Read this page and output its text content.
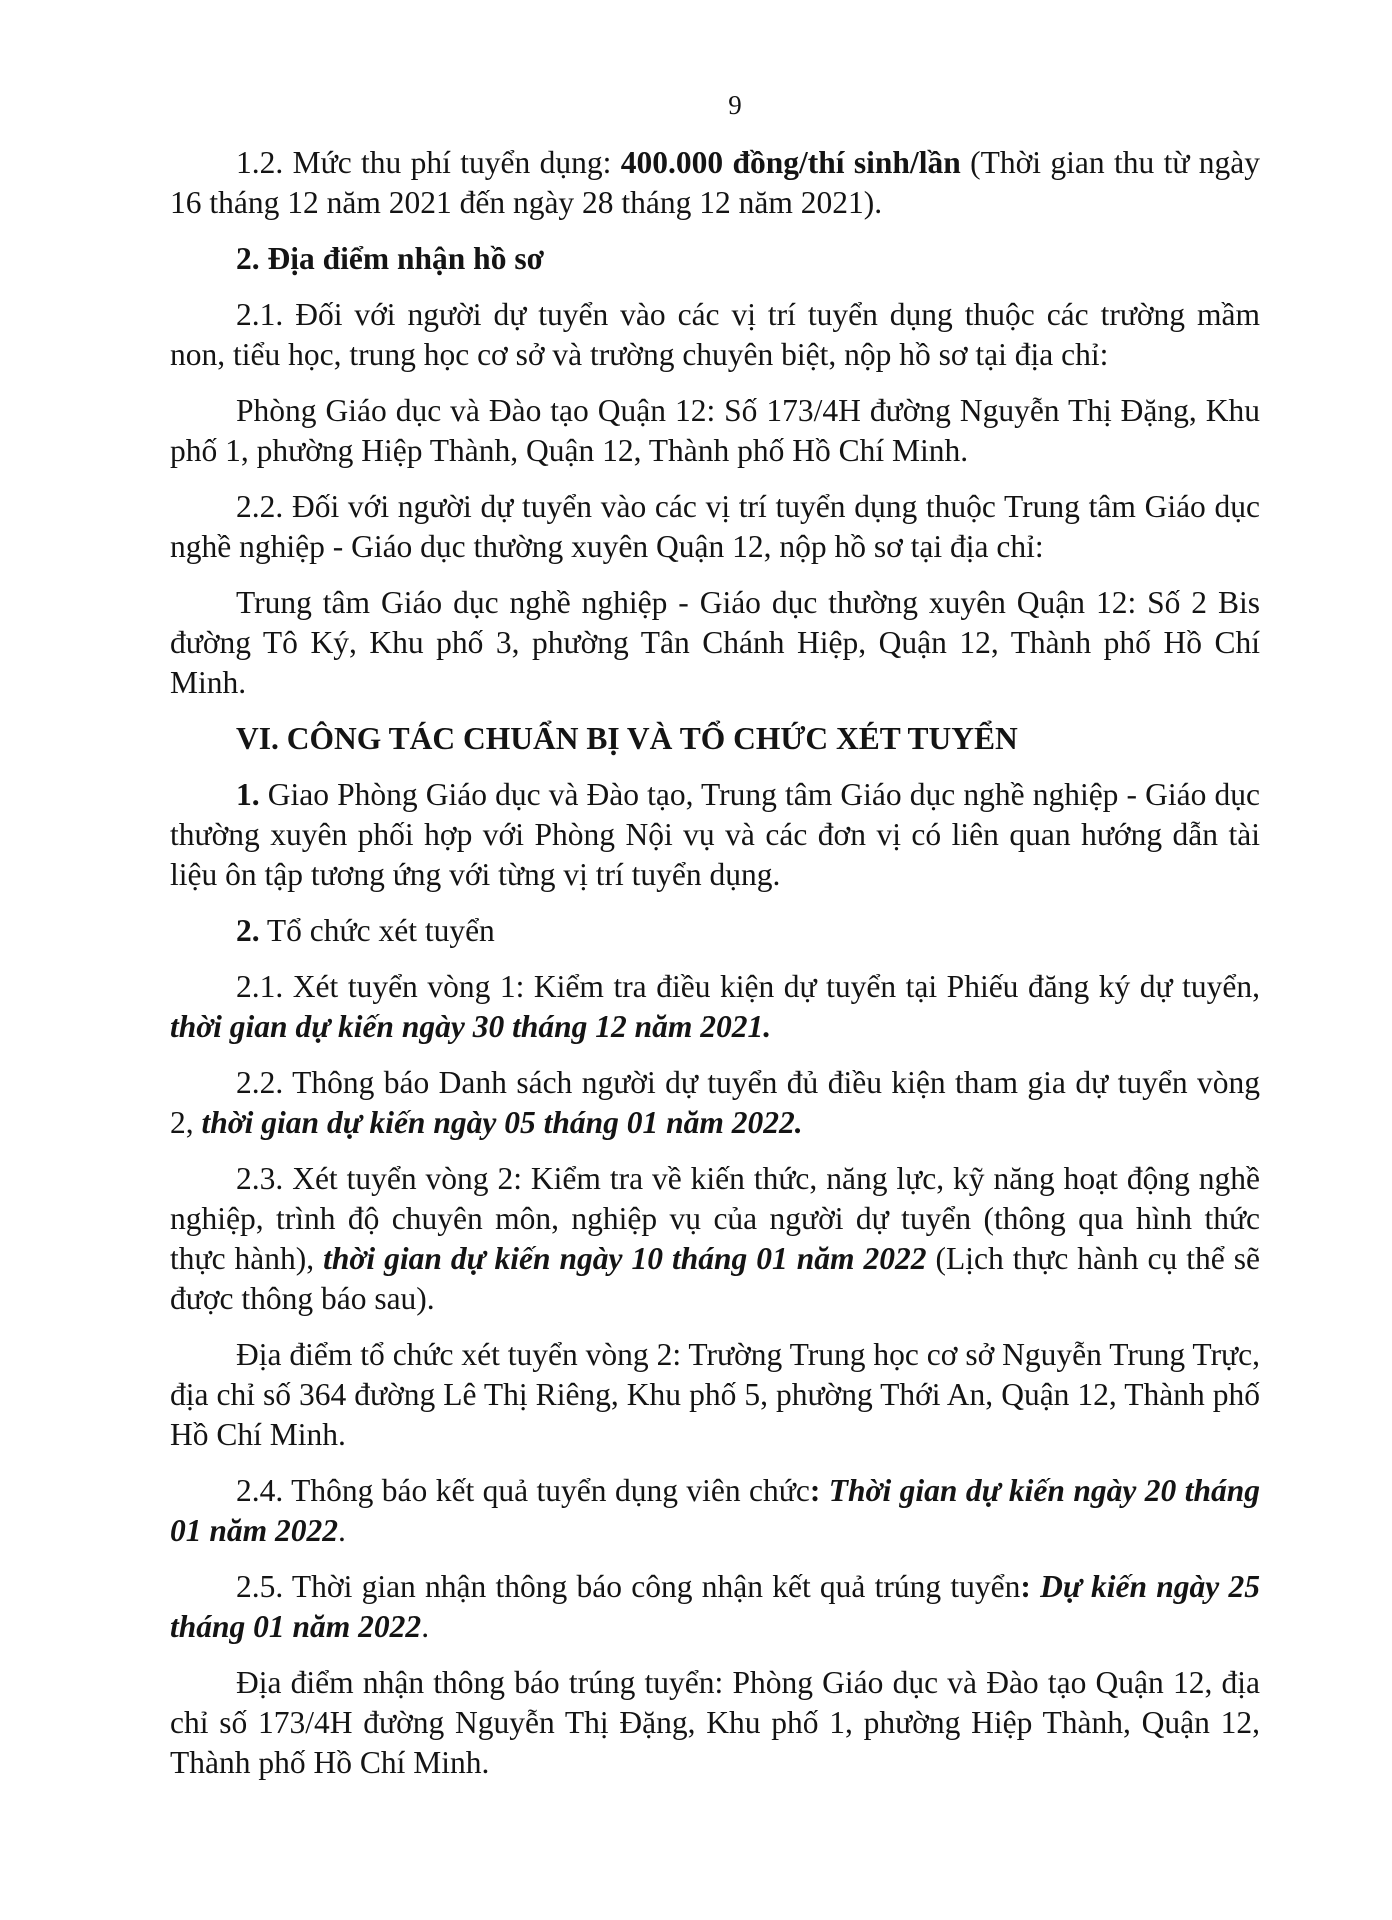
9

1.2. Mức thu phí tuyển dụng: 400.000 đồng/thí sinh/lần (Thời gian thu từ ngày 16 tháng 12 năm 2021 đến ngày 28 tháng 12 năm 2021).

2. Địa điểm nhận hồ sơ

2.1. Đối với người dự tuyển vào các vị trí tuyển dụng thuộc các trường mầm non, tiểu học, trung học cơ sở và trường chuyên biệt, nộp hồ sơ tại địa chỉ:

Phòng Giáo dục và Đào tạo Quận 12: Số 173/4H đường Nguyễn Thị Đặng, Khu phố 1, phường Hiệp Thành, Quận 12, Thành phố Hồ Chí Minh.

2.2. Đối với người dự tuyển vào các vị trí tuyển dụng thuộc Trung tâm Giáo dục nghề nghiệp - Giáo dục thường xuyên Quận 12, nộp hồ sơ tại địa chỉ:

Trung tâm Giáo dục nghề nghiệp - Giáo dục thường xuyên Quận 12: Số 2 Bis đường Tô Ký, Khu phố 3, phường Tân Chánh Hiệp, Quận 12, Thành phố Hồ Chí Minh.

VI. CÔNG TÁC CHUẨN BỊ VÀ TỔ CHỨC XÉT TUYỂN

1. Giao Phòng Giáo dục và Đào tạo, Trung tâm Giáo dục nghề nghiệp - Giáo dục thường xuyên phối hợp với Phòng Nội vụ và các đơn vị có liên quan hướng dẫn tài liệu ôn tập tương ứng với từng vị trí tuyển dụng.

2. Tổ chức xét tuyển

2.1. Xét tuyển vòng 1: Kiểm tra điều kiện dự tuyển tại Phiếu đăng ký dự tuyển, thời gian dự kiến ngày 30 tháng 12 năm 2021.

2.2. Thông báo Danh sách người dự tuyển đủ điều kiện tham gia dự tuyển vòng 2, thời gian dự kiến ngày 05 tháng 01 năm 2022.

2.3. Xét tuyển vòng 2: Kiểm tra về kiến thức, năng lực, kỹ năng hoạt động nghề nghiệp, trình độ chuyên môn, nghiệp vụ của người dự tuyển (thông qua hình thức thực hành), thời gian dự kiến ngày 10 tháng 01 năm 2022 (Lịch thực hành cụ thể sẽ được thông báo sau).

Địa điểm tổ chức xét tuyển vòng 2: Trường Trung học cơ sở Nguyễn Trung Trực, địa chỉ số 364 đường Lê Thị Riêng, Khu phố 5, phường Thới An, Quận 12, Thành phố Hồ Chí Minh.

2.4. Thông báo kết quả tuyển dụng viên chức: Thời gian dự kiến ngày 20 tháng 01 năm 2022.

2.5. Thời gian nhận thông báo công nhận kết quả trúng tuyển: Dự kiến ngày 25 tháng 01 năm 2022.

Địa điểm nhận thông báo trúng tuyển: Phòng Giáo dục và Đào tạo Quận 12, địa chỉ số 173/4H đường Nguyễn Thị Đặng, Khu phố 1, phường Hiệp Thành, Quận 12, Thành phố Hồ Chí Minh.
